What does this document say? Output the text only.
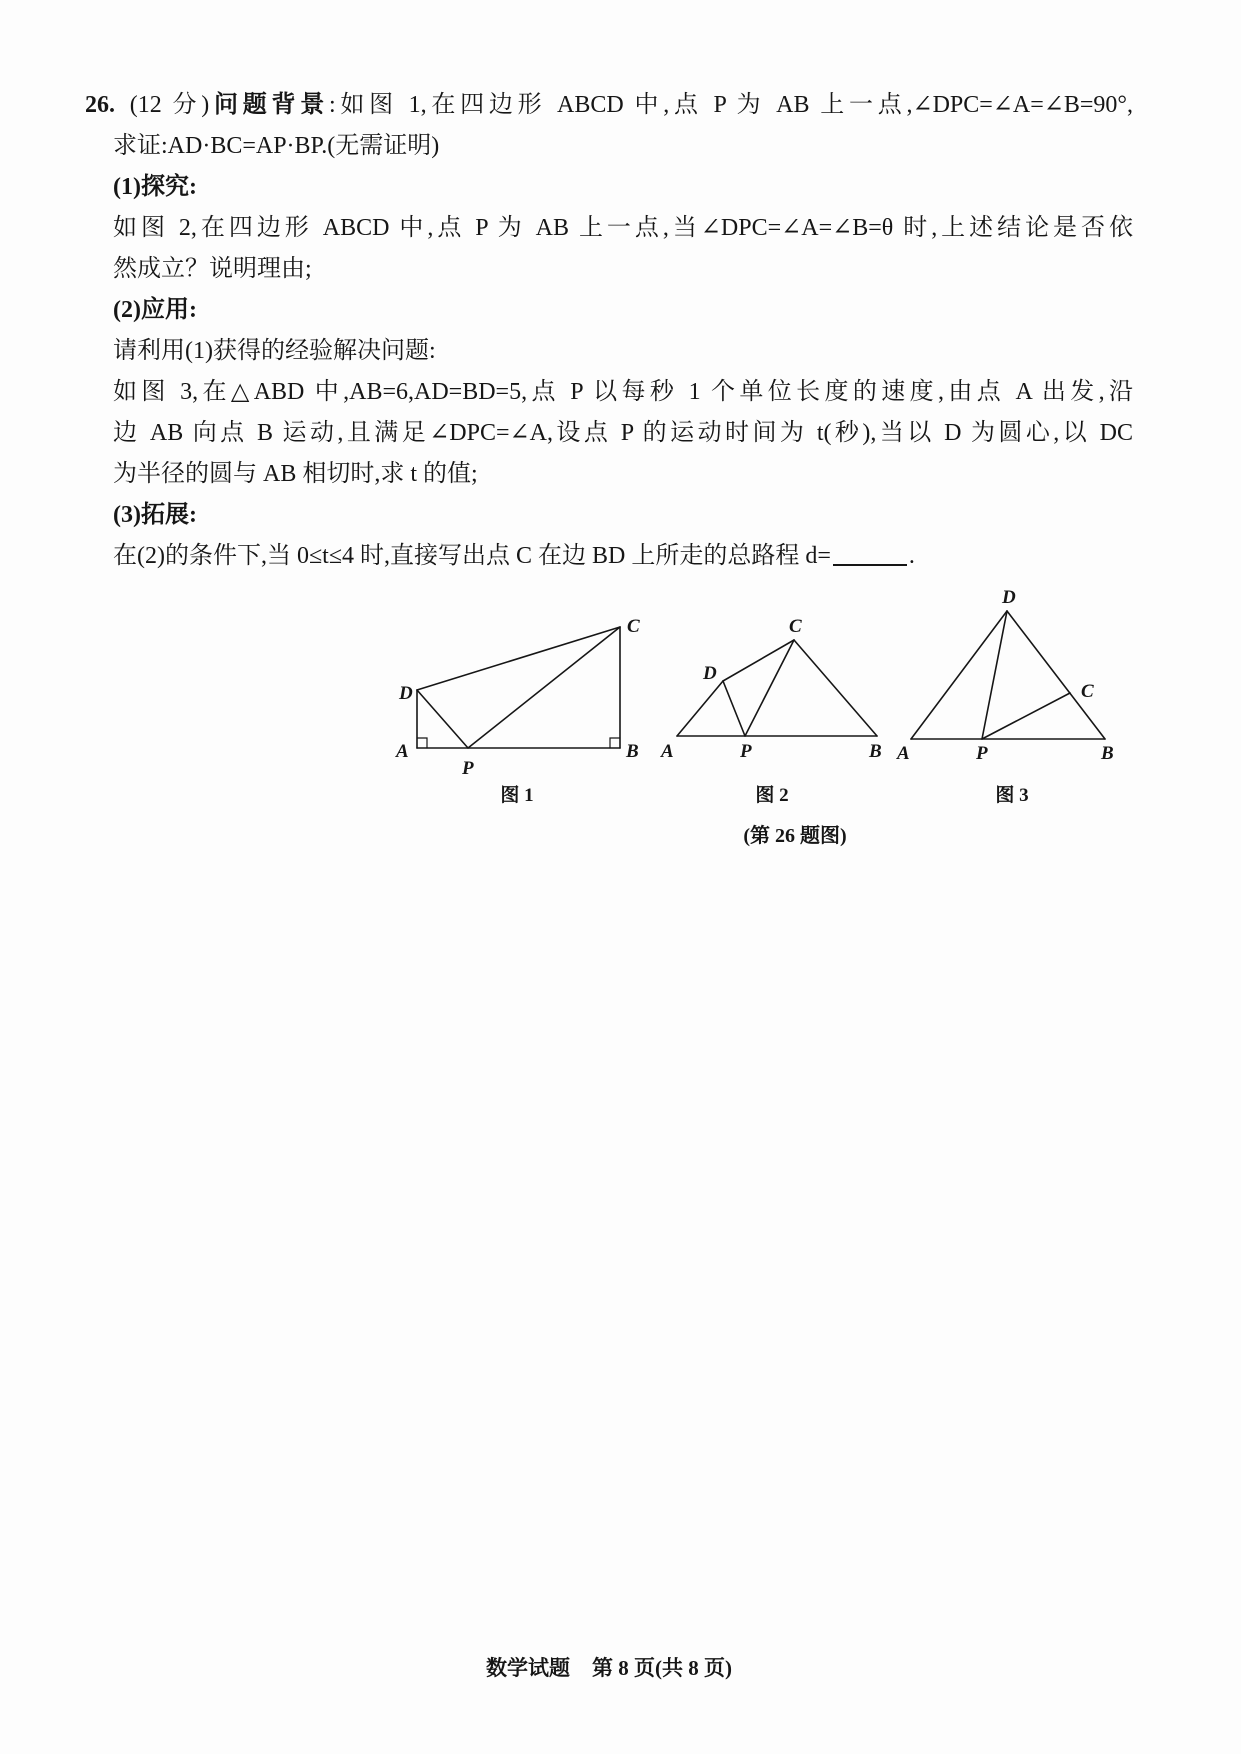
26. (12 分)问题背景:如图 1,在四边形 ABCD 中,点 P 为 AB 上一点,∠DPC=∠A=∠B=90°,
求证:AD·BC=AP·BP.(无需证明)
(1)探究:
如图 2,在四边形 ABCD 中,点 P 为 AB 上一点,当∠DPC=∠A=∠B=θ 时,上述结论是否依
然成立？说明理由;
(2)应用:
请利用(1)获得的经验解决问题:
如图 3,在△ABD 中,AB=6,AD=BD=5,点 P 以每秒 1 个单位长度的速度,由点 A 出发,沿
边 AB 向点 B 运动,且满足∠DPC=∠A,设点 P 的运动时间为 t(秒),当以 D 为圆心,以 DC
为半径的圆与 AB 相切时,求 t 的值;
(3)拓展:
在(2)的条件下,当 0≤t≤4 时,直接写出点 C 在边 BD 上所走的总路程 d=	.
D
A
P
B
C
D
C
A	P	B
D
C
A	P	B
图 1	图 2	图 3
(第 26 题图)
数学试题 第 8 页(共 8 页)
